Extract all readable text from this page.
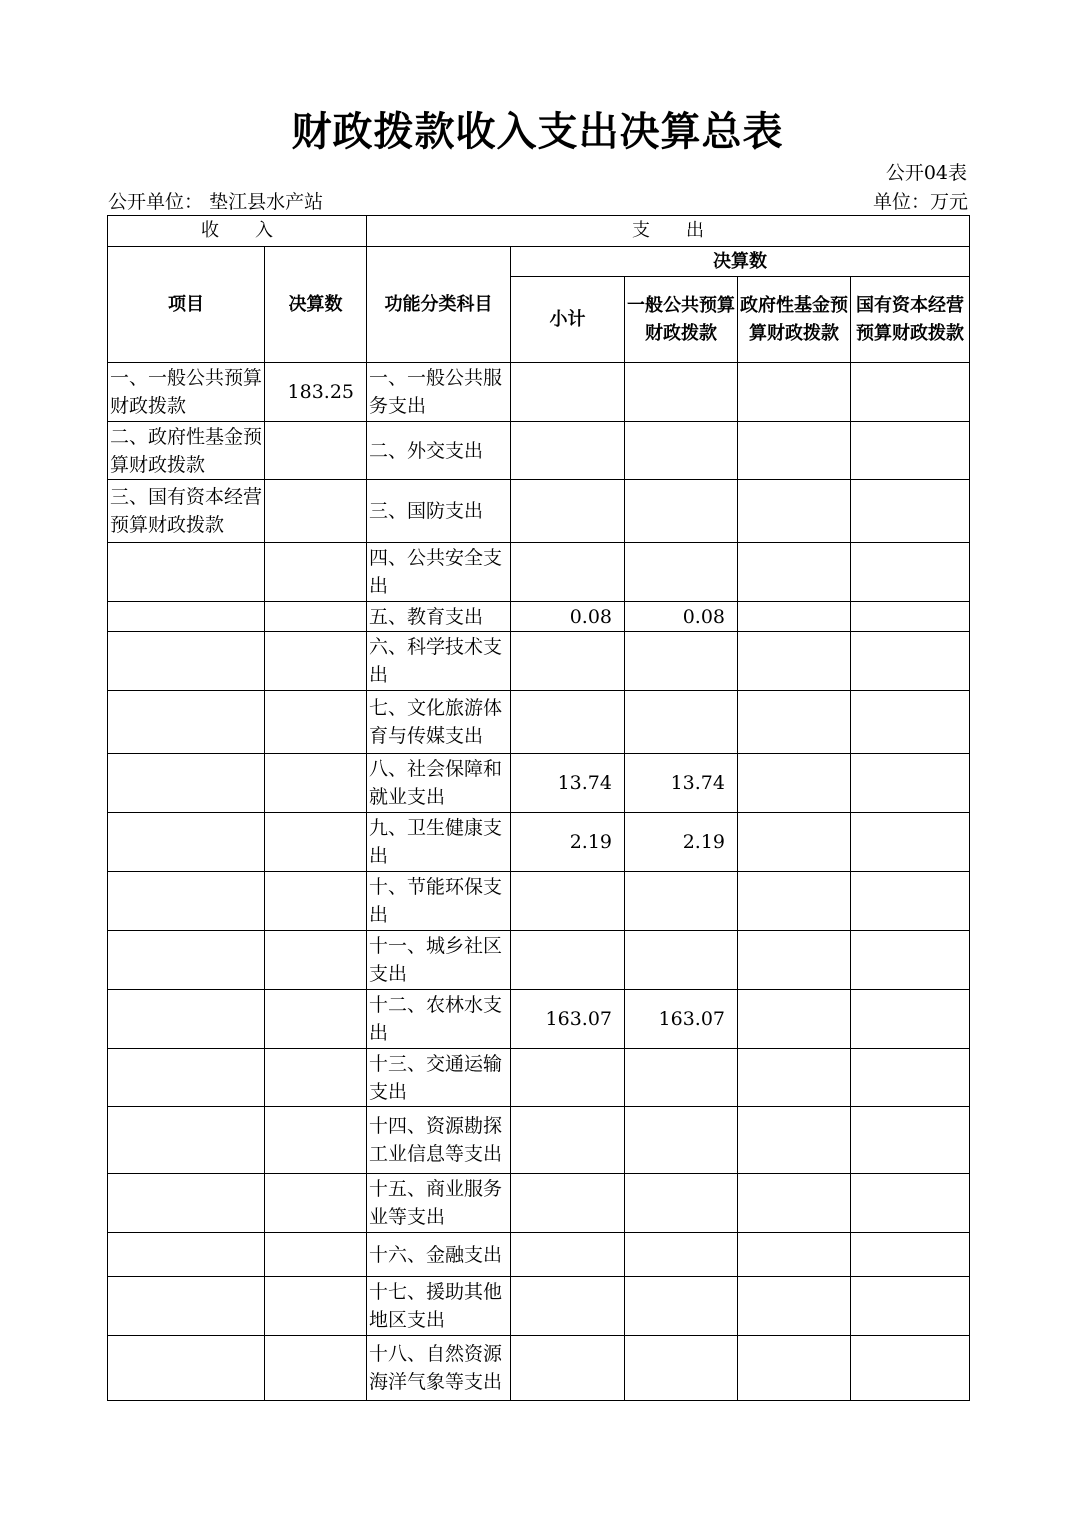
财政拨款收入支出决算总表
公开04表
公开单位： 垫江县水产站	单位：万元
收　　入		支　　出				
项目	决算数	功能分类科目	决算数			
			小计	一般公共预算财政拨款	政府性基金预算财政拨款	国有资本经营预算财政拨款
一、一般公共预算财政拨款	183.25	一、一般公共服务支出				
二、政府性基金预算财政拨款		二、外交支出				
三、国有资本经营预算财政拨款		三、国防支出				
		四、公共安全支出				
		五、教育支出	0.08	0.08		
		六、科学技术支出				
		七、文化旅游体育与传媒支出				
		八、社会保障和就业支出	13.74	13.74		
		九、卫生健康支出	2.19	2.19		
		十、节能环保支出				
		十一、城乡社区支出				
		十二、农林水支出	163.07	163.07		
		十三、交通运输支出				
		十四、资源勘探工业信息等支出				
		十五、商业服务业等支出				
		十六、金融支出				
		十七、援助其他地区支出				
		十八、自然资源海洋气象等支出				
